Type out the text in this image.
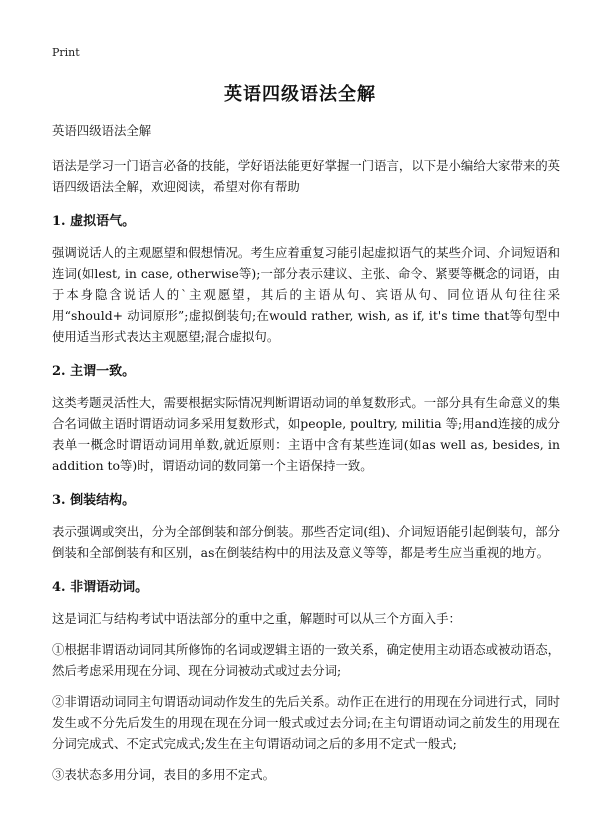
Print
英语四级语法全解

英语四级语法全解

语法是学习一门语言必备的技能，学好语法能更好掌握一门语言，以下是小编给大家带来的英语四级语法全解，欢迎阅读，希望对你有帮助

1. 虚拟语气。

强调说话人的主观愿望和假想情况。考生应着重复习能引起虚拟语气的某些介词、介词短语和连词(如lest, in case, otherwise等);一部分表示建议、主张、命令、紧要等概念的词语，由于本身隐含说话人的`主观愿望，其后的主语从句、宾语从句、同位语从句往往采用“should+ 动词原形”;虚拟倒装句;在would rather, wish, as if, it's time that等句型中使用适当形式表达主观愿望;混合虚拟句。

2. 主谓一致。

这类考题灵活性大，需要根据实际情况判断谓语动词的单复数形式。一部分具有生命意义的集合名词做主语时谓语动词多采用复数形式，如people, poultry, militia 等;用and连接的成分表单一概念时谓语动词用单数,就近原则：主语中含有某些连词(如as well as, besides, in addition to等)时，谓语动词的数同第一个主语保持一致。

3. 倒装结构。

表示强调或突出，分为全部倒装和部分倒装。那些否定词(组)、介词短语能引起倒装句，部分倒装和全部倒装有和区别，as在倒装结构中的用法及意义等等，都是考生应当重视的地方。

4. 非谓语动词。

这是词汇与结构考试中语法部分的重中之重，解题时可以从三个方面入手：

①根据非谓语动词同其所修饰的名词或逻辑主语的一致关系，确定使用主动语态或被动语态，然后考虑采用现在分词、现在分词被动式或过去分词;

②非谓语动词同主句谓语动词动作发生的先后关系。动作正在进行的用现在分词进行式，同时发生或不分先后发生的用现在现在分词一般式或过去分词;在主句谓语动词之前发生的用现在分词完成式、不定式完成式;发生在主句谓语动词之后的多用不定式一般式;

③表状态多用分词，表目的多用不定式。
